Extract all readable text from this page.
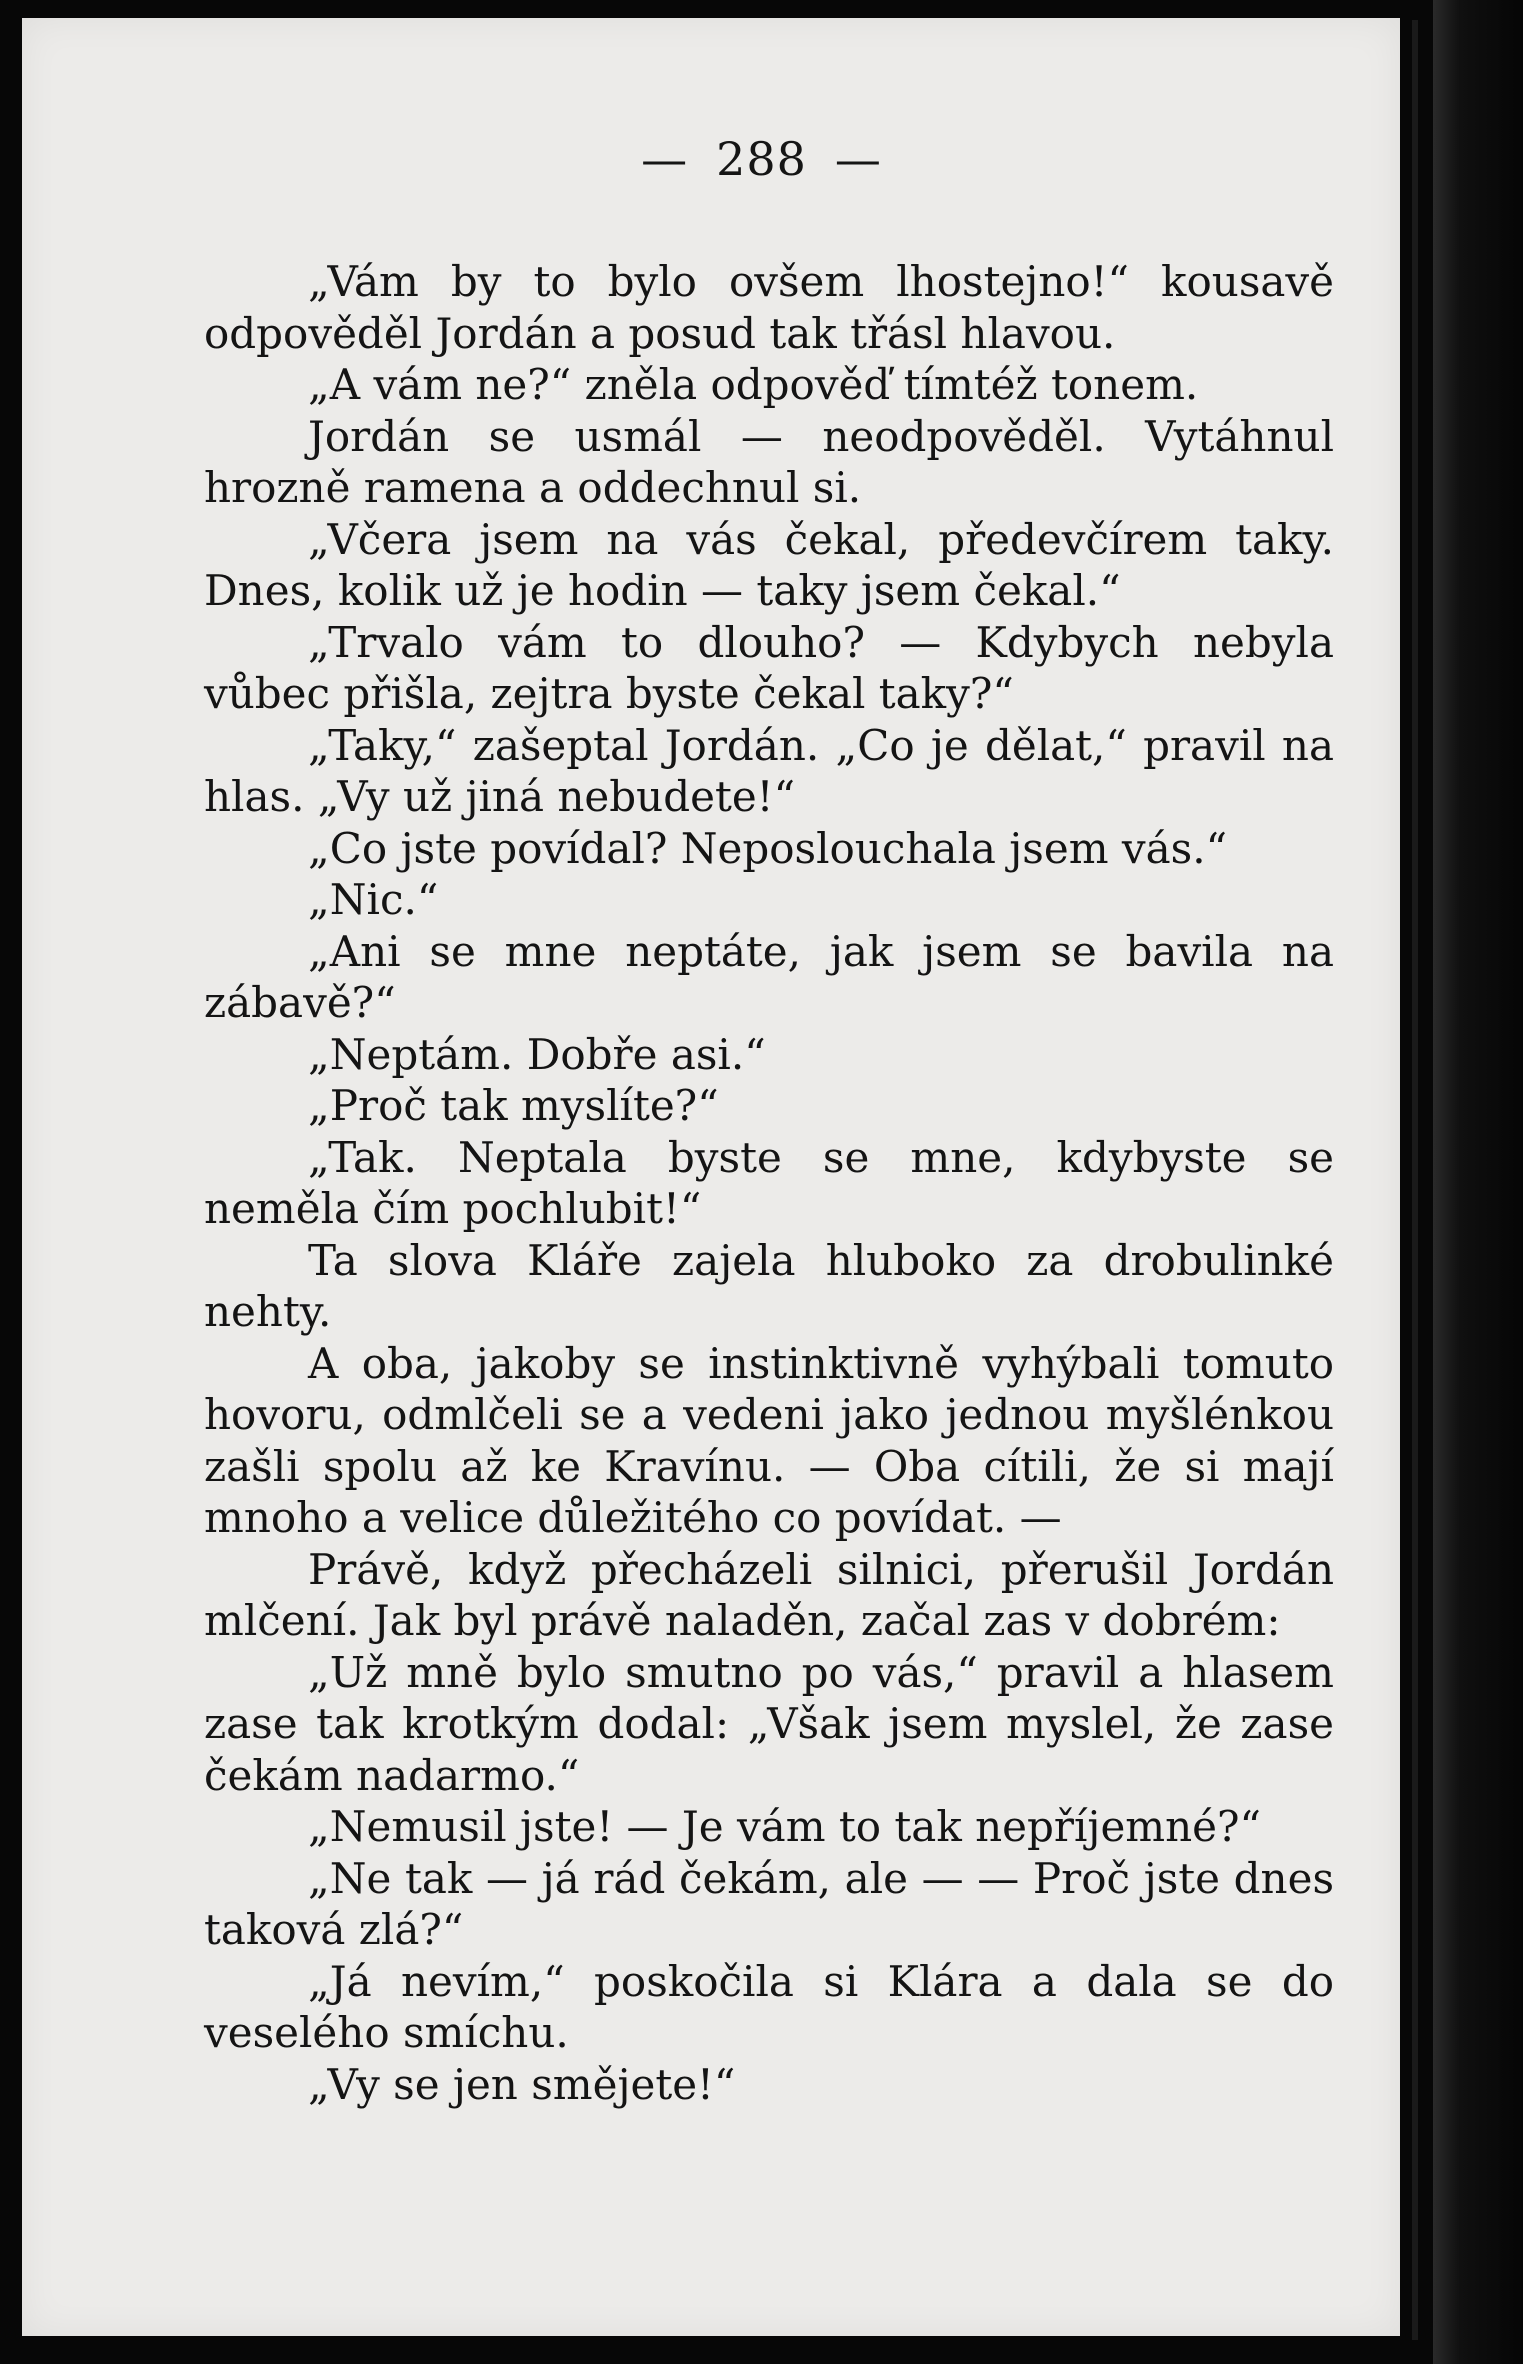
— 288 —

„Vám by to bylo ovšem lhostejno!“ kousavě odpověděl Jordán a posud tak třásl hlavou.

„A vám ne?“ zněla odpověď tímtéž tonem.

Jordán se usmál — neodpověděl. Vytáhnul hrozně ramena a oddechnul si.

„Včera jsem na vás čekal, předevčírem taky. Dnes, kolik už je hodin — taky jsem čekal.“

„Trvalo vám to dlouho? — Kdybych nebyla vůbec přišla, zejtra byste čekal taky?“

„Taky,“ zašeptal Jordán. „Co je dělat,“ pravil na hlas. „Vy už jiná nebudete!“

„Co jste povídal? Neposlouchala jsem vás.“

„Nic.“

„Ani se mne neptáte, jak jsem se bavila na zábavě?“

„Neptám. Dobře asi.“

„Proč tak myslíte?“

„Tak. Neptala byste se mne, kdybyste se neměla čím pochlubit!“

Ta slova Kláře zajela hluboko za drobulinké nehty.

A oba, jakoby se instinktivně vyhýbali tomuto hovoru, odmlčeli se a vedeni jako jednou myšlénkou zašli spolu až ke Kravínu. — Oba cítili, že si mají mnoho a velice důležitého co povídat. —

Právě, když přecházeli silnici, přerušil Jordán mlčení. Jak byl právě naladěn, začal zas v dobrém:

„Už mně bylo smutno po vás,“ pravil a hlasem zase tak krotkým dodal: „Však jsem myslel, že zase čekám nadarmo.“

„Nemusil jste! — Je vám to tak nepříjemné?“

„Ne tak — já rád čekám, ale — — Proč jste dnes taková zlá?“

„Já nevím,“ poskočila si Klára a dala se do veselého smíchu.

„Vy se jen smějete!“
